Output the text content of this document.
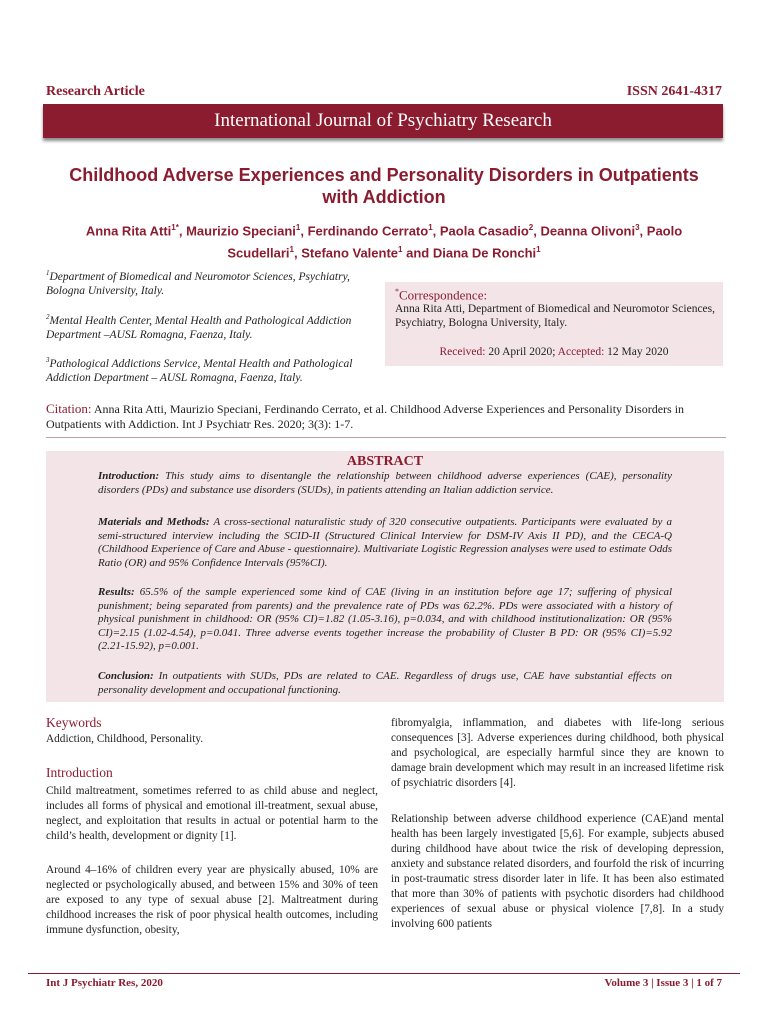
Research Article	ISSN 2641-4317
International Journal of Psychiatry Research
Childhood Adverse Experiences and Personality Disorders in Outpatients
with Addiction
Anna Rita Atti$^{1*}$, Maurizio Speciani$^1$, Ferdinando Cerrato$^1$, Paola Casadio$^2$, Deanna Olivoni$^3$, Paolo
Scudellari$^1$, Stefano Valente$^1$ and Diana De Ronchi$^1$
$^1$Department of Biomedical and Neuromotor Sciences, Psychiatry, Bologna University, Italy.
$^2$Mental Health Center, Mental Health and Pathological Addiction Department –AUSL Romagna, Faenza, Italy.
$^3$Pathological Addictions Service, Mental Health and Pathological Addiction Department – AUSL Romagna, Faenza, Italy.
*Correspondence:
Anna Rita Atti, Department of Biomedical and Neuromotor Sciences, Psychiatry, Bologna University, Italy.
Received: 20 April 2020; Accepted: 12 May 2020
Citation: Anna Rita Atti, Maurizio Speciani, Ferdinando Cerrato, et al. Childhood Adverse Experiences and Personality Disorders in Outpatients with Addiction. Int J Psychiatr Res. 2020; 3(3): 1-7.
ABSTRACT
Introduction: This study aims to disentangle the relationship between childhood adverse experiences (CAE), personality disorders (PDs) and substance use disorders (SUDs), in patients attending an Italian addiction service.
Materials and Methods: A cross-sectional naturalistic study of 320 consecutive outpatients. Participants were evaluated by a semi-structured interview including the SCID-II (Structured Clinical Interview for DSM-IV Axis II PD), and the CECA-Q (Childhood Experience of Care and Abuse - questionnaire). Multivariate Logistic Regression analyses were used to estimate Odds Ratio (OR) and 95% Confidence Intervals (95%CI).
Results: 65.5% of the sample experienced some kind of CAE (living in an institution before age 17; suffering of physical punishment; being separated from parents) and the prevalence rate of PDs was 62.2%. PDs were associated with a history of physical punishment in childhood: OR (95% CI)=1.82 (1.05-3.16), p=0.034, and with childhood institutionalization: OR (95% CI)=2.15 (1.02-4.54), p=0.041. Three adverse events together increase the probability of Cluster B PD: OR (95% CI)=5.92 (2.21-15.92), p=0.001.
Conclusion: In outpatients with SUDs, PDs are related to CAE. Regardless of drugs use, CAE have substantial effects on personality development and occupational functioning.
Keywords
Addiction, Childhood, Personality.
Introduction
Child maltreatment, sometimes referred to as child abuse and neglect, includes all forms of physical and emotional ill-treatment, sexual abuse, neglect, and exploitation that results in actual or potential harm to the child’s health, development or dignity [1].
Around 4–16% of children every year are physically abused, 10% are neglected or psychologically abused, and between 15% and 30% of teen are exposed to any type of sexual abuse [2]. Maltreatment during childhood increases the risk of poor physical health outcomes, including immune dysfunction, obesity,
fibromyalgia, inflammation, and diabetes with life-long serious consequences [3]. Adverse experiences during childhood, both physical and psychological, are especially harmful since they are known to damage brain development which may result in an increased lifetime risk of psychiatric disorders [4].
Relationship between adverse childhood experience (CAE)and mental health has been largely investigated [5,6]. For example, subjects abused during childhood have about twice the risk of developing depression, anxiety and substance related disorders, and fourfold the risk of incurring in post-traumatic stress disorder later in life. It has been also estimated that more than 30% of patients with psychotic disorders had childhood experiences of sexual abuse or physical violence [7,8]. In a study involving 600 patients
Int J Psychiatr Res, 2020	Volume 3 | Issue 3 | 1 of 7
